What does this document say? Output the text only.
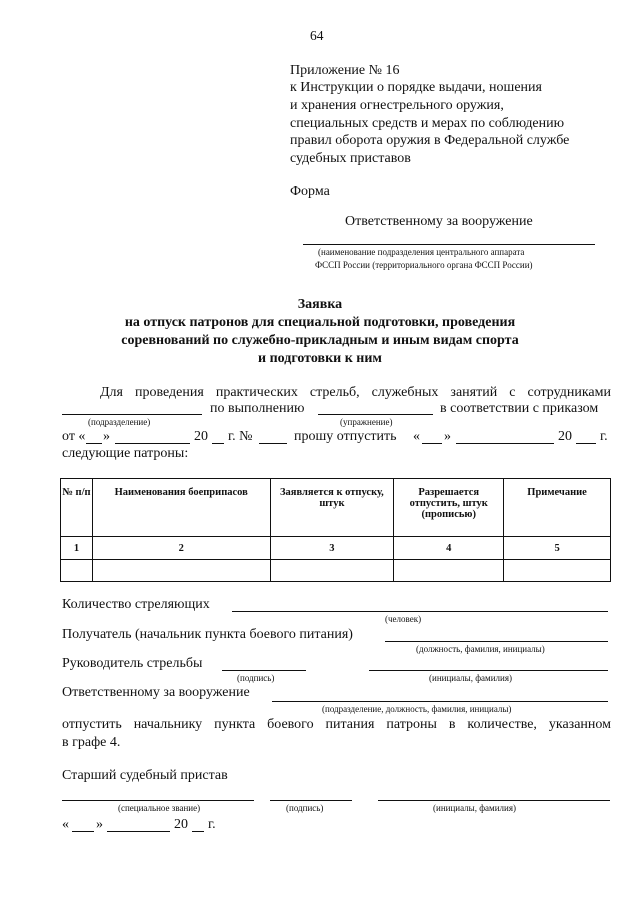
64
Приложение № 16
к Инструкции о порядке выдачи, ношения
и хранения огнестрельного оружия,
специальных средств и мерах по соблюдению
правил оборота оружия в Федеральной службе
судебных приставов
Форма
Ответственному за вооружение
(наименование подразделения центрального аппарата
ФССП России (территориального органа ФССП России)
Заявка
на отпуск патронов для специальной подготовки, проведения
соревнований по служебно-прикладным и иным видам спорта
и подготовки к ним
Для проведения практических стрельб, служебных занятий с сотрудниками
по выполнению	в соответствии с приказом
(подразделение)	(упражнение)
от « »	20 г. №	прошу отпустить « »	20 г.
следующие патроны:
№ п/п	Наименования боеприпасов	Заявляется к отпуску, штук	Разрешается отпустить, штук (прописью)	Примечание
1	2	3	4	5

Количество стреляющих
(человек)
Получатель (начальник пункта боевого питания)
(должность, фамилия, инициалы)
Руководитель стрельбы
(подпись)	(инициалы, фамилия)
Ответственному за вооружение
(подразделение, должность, фамилия, инициалы)
отпустить начальнику пункта боевого питания патроны в количестве, указанном
в графе 4.
Старший судебный пристав
(специальное звание)	(подпись)	(инициалы, фамилия)
« »	20 г.
